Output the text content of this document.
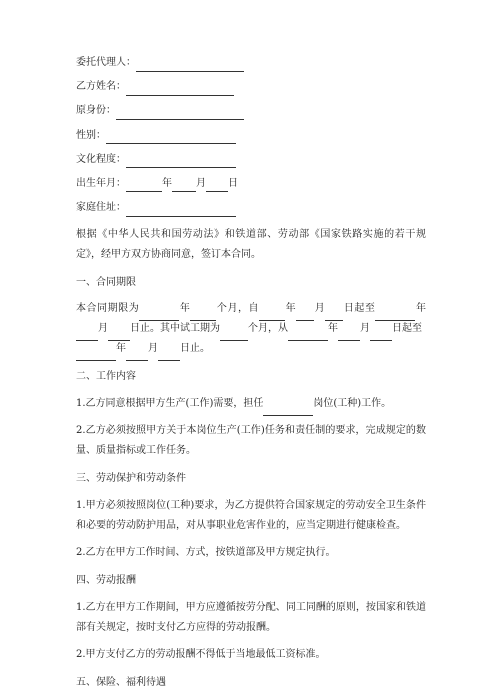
委托代理人：
乙方姓名：
原身份：
性别：
文化程度：
出生年月：	年 月 日
家庭住址：

根据《中华人民共和国劳动法》和铁道部、劳动部《国家铁路实施的若干规定》，经甲方双方协商同意，签订本合同。

一、合同期限

本合同期限为	年	个月，自	年 月 日起至	年月 日止。其中试工期为	个月，从	年 月 日起至
年 月 日止。

二、工作内容

1.乙方同意根据甲方生产(工作)需要，担任	岗位(工种)工作。

2.乙方必须按照甲方关于本岗位生产(工作)任务和责任制的要求，完成规定的数量、质量指标或工作任务。

三、劳动保护和劳动条件

1.甲方必须按照岗位(工种)要求，为乙方提供符合国家规定的劳动安全卫生条件和必要的劳动防护用品，对从事职业危害作业的，应当定期进行健康检查。

2.乙方在甲方工作时间、方式，按铁道部及甲方规定执行。

四、劳动报酬

1.乙方在甲方工作期间，甲方应遵循按劳分配、同工同酬的原则，按国家和铁道部有关规定，按时支付乙方应得的劳动报酬。

2.甲方支付乙方的劳动报酬不得低于当地最低工资标准。

五、保险、福利待遇
